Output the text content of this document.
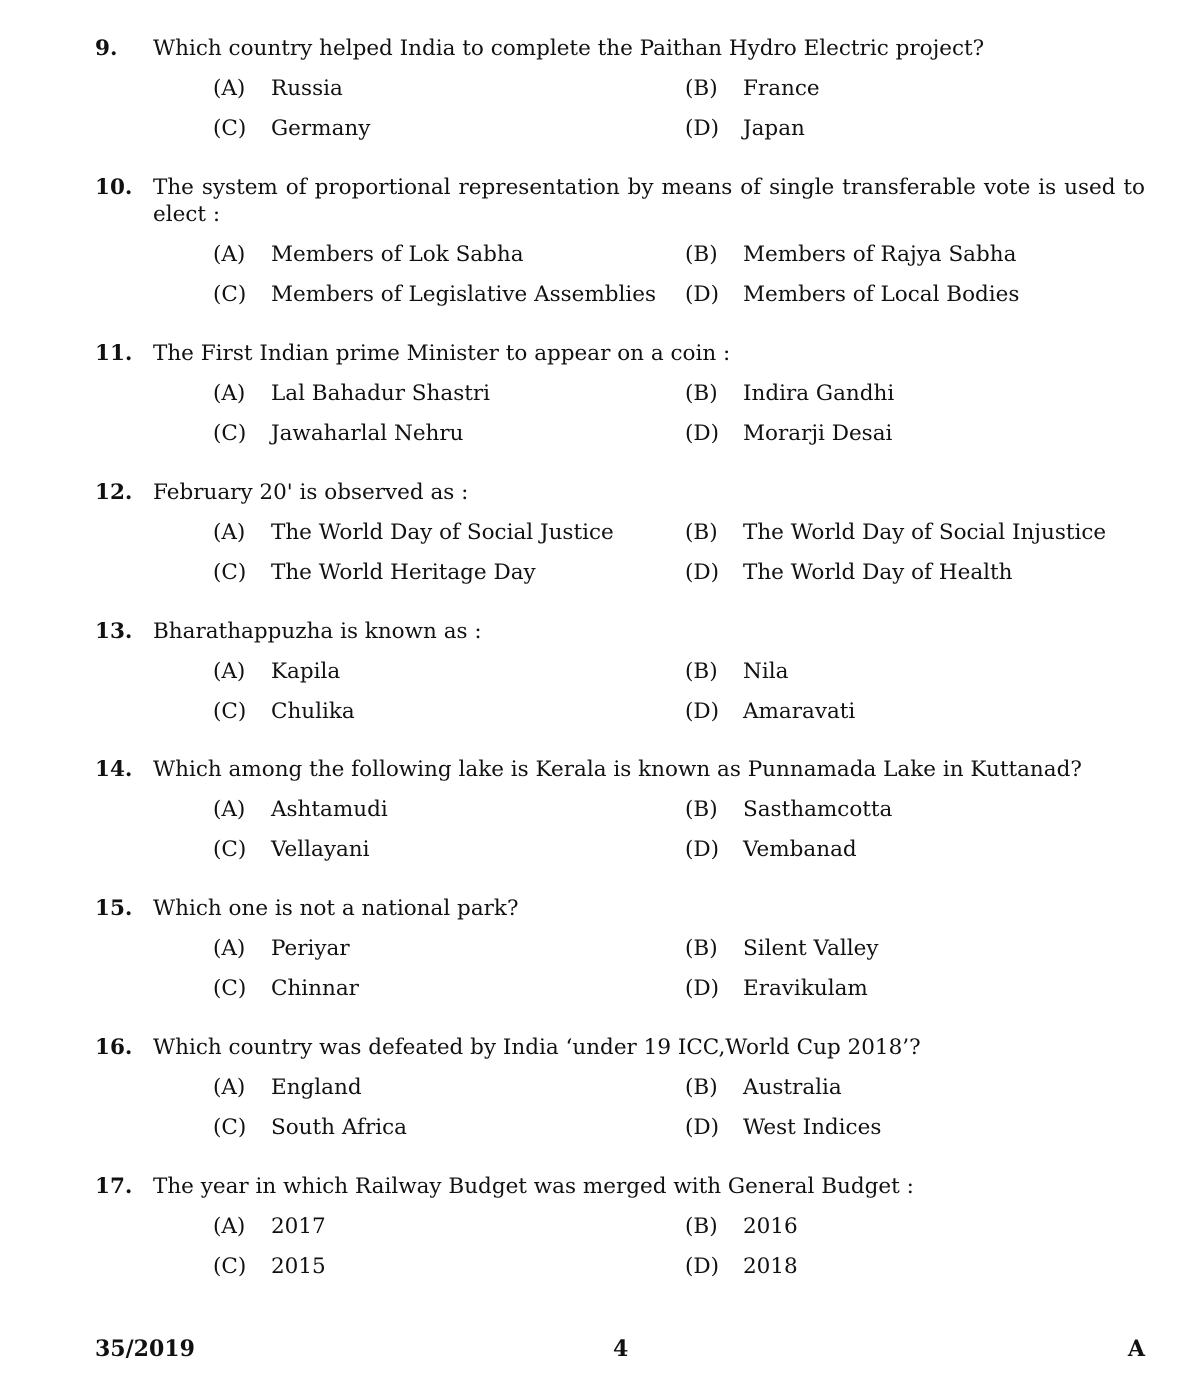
9. Which country helped India to complete the Paithan Hydro Electric project?
(A) Russia	(B) France
(C) Germany	(D) Japan
10. The system of proportional representation by means of single transferable vote is used to elect :
(A) Members of Lok Sabha	(B) Members of Rajya Sabha
(C) Members of Legislative Assemblies (D) Members of Local Bodies
11. The First Indian prime Minister to appear on a coin :
(A) Lal Bahadur Shastri	(B) Indira Gandhi
(C) Jawaharlal Nehru	(D) Morarji Desai
12. February 20' is observed as :
(A) The World Day of Social Justice	(B) The World Day of Social Injustice
(C) The World Heritage Day	(D) The World Day of Health
13. Bharathappuzha is known as :
(A) Kapila	(B) Nila
(C) Chulika	(D) Amaravati
14. Which among the following lake is Kerala is known as Punnamada Lake in Kuttanad?
(A) Ashtamudi	(B) Sasthamcotta
(C) Vellayani	(D) Vembanad
15. Which one is not a national park?
(A) Periyar	(B) Silent Valley
(C) Chinnar	(D) Eravikulam
16. Which country was defeated by India ‘under 19 ICC,World Cup 2018’?
(A) England	(B) Australia
(C) South Africa	(D) West Indices
17. The year in which Railway Budget was merged with General Budget :
(A) 2017	(B) 2016
(C) 2015	(D) 2018
35/2019	4	A
